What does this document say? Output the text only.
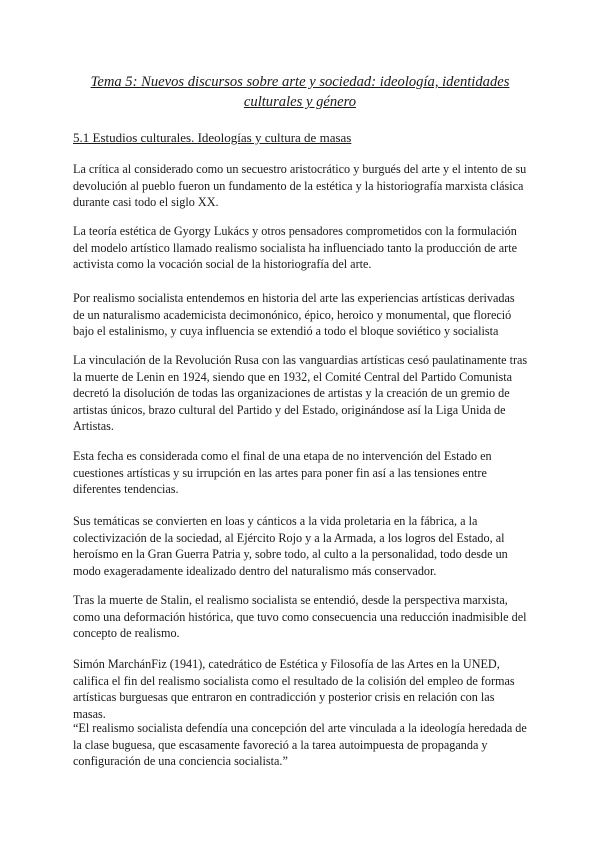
Tema 5: Nuevos discursos sobre arte y sociedad: ideología, identidades culturales y género
5.1 Estudios culturales. Ideologías y cultura de masas

La crítica al considerado como un secuestro aristocrático y burgués del arte y el intento de su devolución al pueblo fueron un fundamento de la estética y la historiografía marxista clásica durante casi todo el siglo XX.

La teoría estética de Gyorgy Lukács y otros pensadores comprometidos con la formulación del modelo artístico llamado realismo socialista ha influenciado tanto la producción de arte activista como la vocación social de la historiografía del arte.

Por realismo socialista entendemos en historia del arte las experiencias artísticas derivadas de un naturalismo academicista decimonónico, épico, heroico y monumental, que floreció bajo el estalinismo, y cuya influencia se extendió a todo el bloque soviético y socialista

La vinculación de la Revolución Rusa con las vanguardias artísticas cesó paulatinamente tras la muerte de Lenin en 1924, siendo que en 1932, el Comité Central del Partido Comunista decretó la disolución de todas las organizaciones de artistas y la creación de un gremio de artistas únicos, brazo cultural del Partido y del Estado, originándose así la Liga Unida de Artistas.

Esta fecha es considerada como el final de una etapa de no intervención del Estado en cuestiones artísticas y su irrupción en las artes para poner fin así a las tensiones entre diferentes tendencias.

Sus temáticas se convierten en loas y cánticos a la vida proletaria en la fábrica, a la colectivización de la sociedad, al Ejército Rojo y a la Armada, a los logros del Estado, al heroísmo en la Gran Guerra Patria y, sobre todo, al culto a la personalidad, todo desde un modo exageradamente idealizado dentro del naturalismo más conservador.

Tras la muerte de Stalin, el realismo socialista se entendió, desde la perspectiva marxista, como una deformación histórica, que tuvo como consecuencia una reducción inadmisible del concepto de realismo.

Simón MarchánFiz (1941), catedrático de Estética y Filosofía de las Artes en la UNED, califica el fin del realismo socialista como el resultado de la colisión del empleo de formas artísticas burguesas que entraron en contradicción y posterior crisis en relación con las masas.

“El realismo socialista defendía una concepción del arte vinculada a la ideología heredada de la clase buguesa, que escasamente favoreció a la tarea autoimpuesta de propaganda y configuración de una conciencia socialista.”
